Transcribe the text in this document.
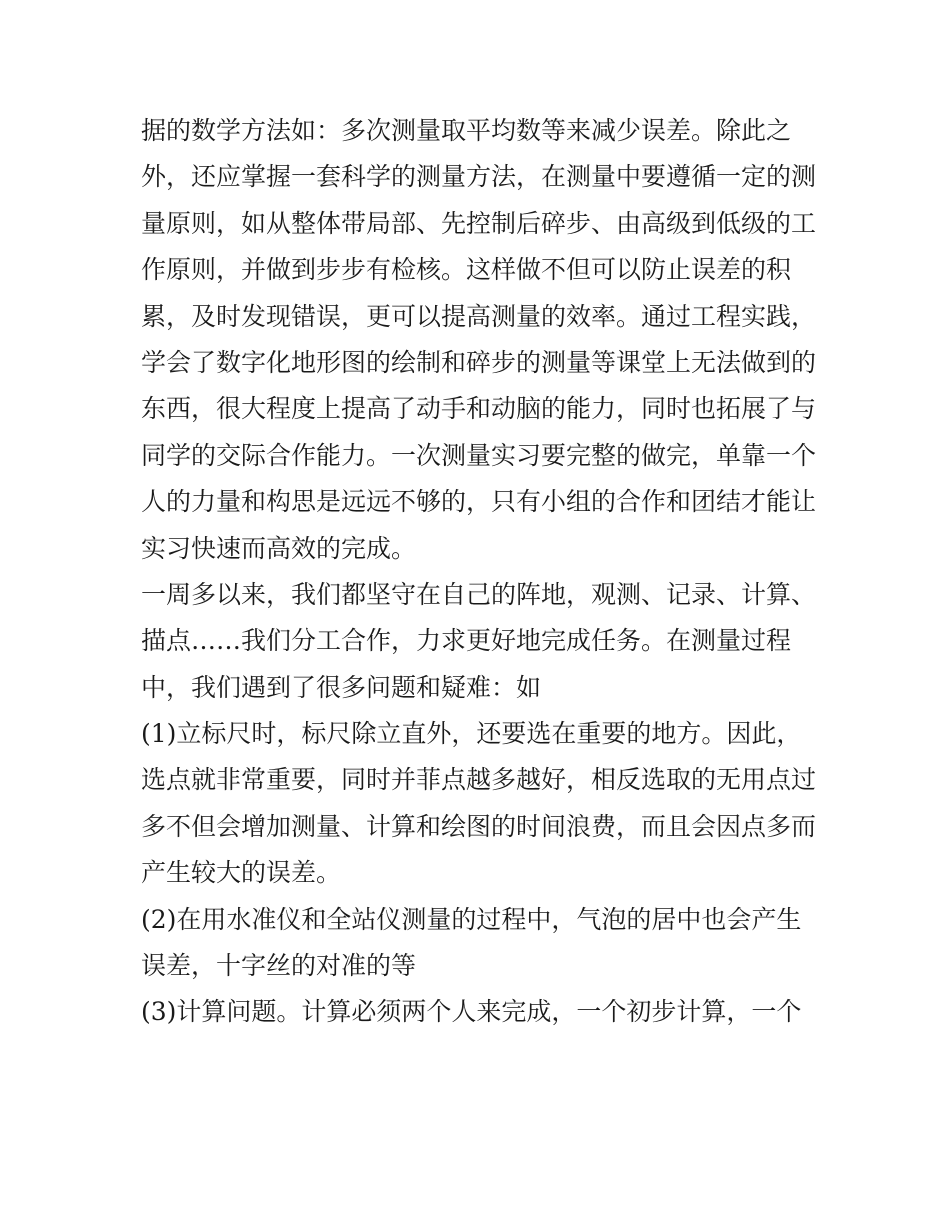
据的数学方法如：多次测量取平均数等来减少误差。除此之
外，还应掌握一套科学的测量方法，在测量中要遵循一定的测
量原则，如从整体带局部、先控制后碎步、由高级到低级的工
作原则，并做到步步有检核。这样做不但可以防止误差的积
累，及时发现错误，更可以提高测量的效率。通过工程实践，
学会了数字化地形图的绘制和碎步的测量等课堂上无法做到的
东西，很大程度上提高了动手和动脑的能力，同时也拓展了与
同学的交际合作能力。一次测量实习要完整的做完，单靠一个
人的力量和构思是远远不够的，只有小组的合作和团结才能让
实习快速而高效的完成。
一周多以来，我们都坚守在自己的阵地，观测、记录、计算、
描点……我们分工合作，力求更好地完成任务。在测量过程
中，我们遇到了很多问题和疑难：如
(1)立标尺时，标尺除立直外，还要选在重要的地方。因此，
选点就非常重要，同时并菲点越多越好，相反选取的无用点过
多不但会增加测量、计算和绘图的时间浪费，而且会因点多而
产生较大的误差。
(2)在用水准仪和全站仪测量的过程中，气泡的居中也会产生
误差，十字丝的对准的等
(3)计算问题。计算必须两个人来完成，一个初步计算，一个
